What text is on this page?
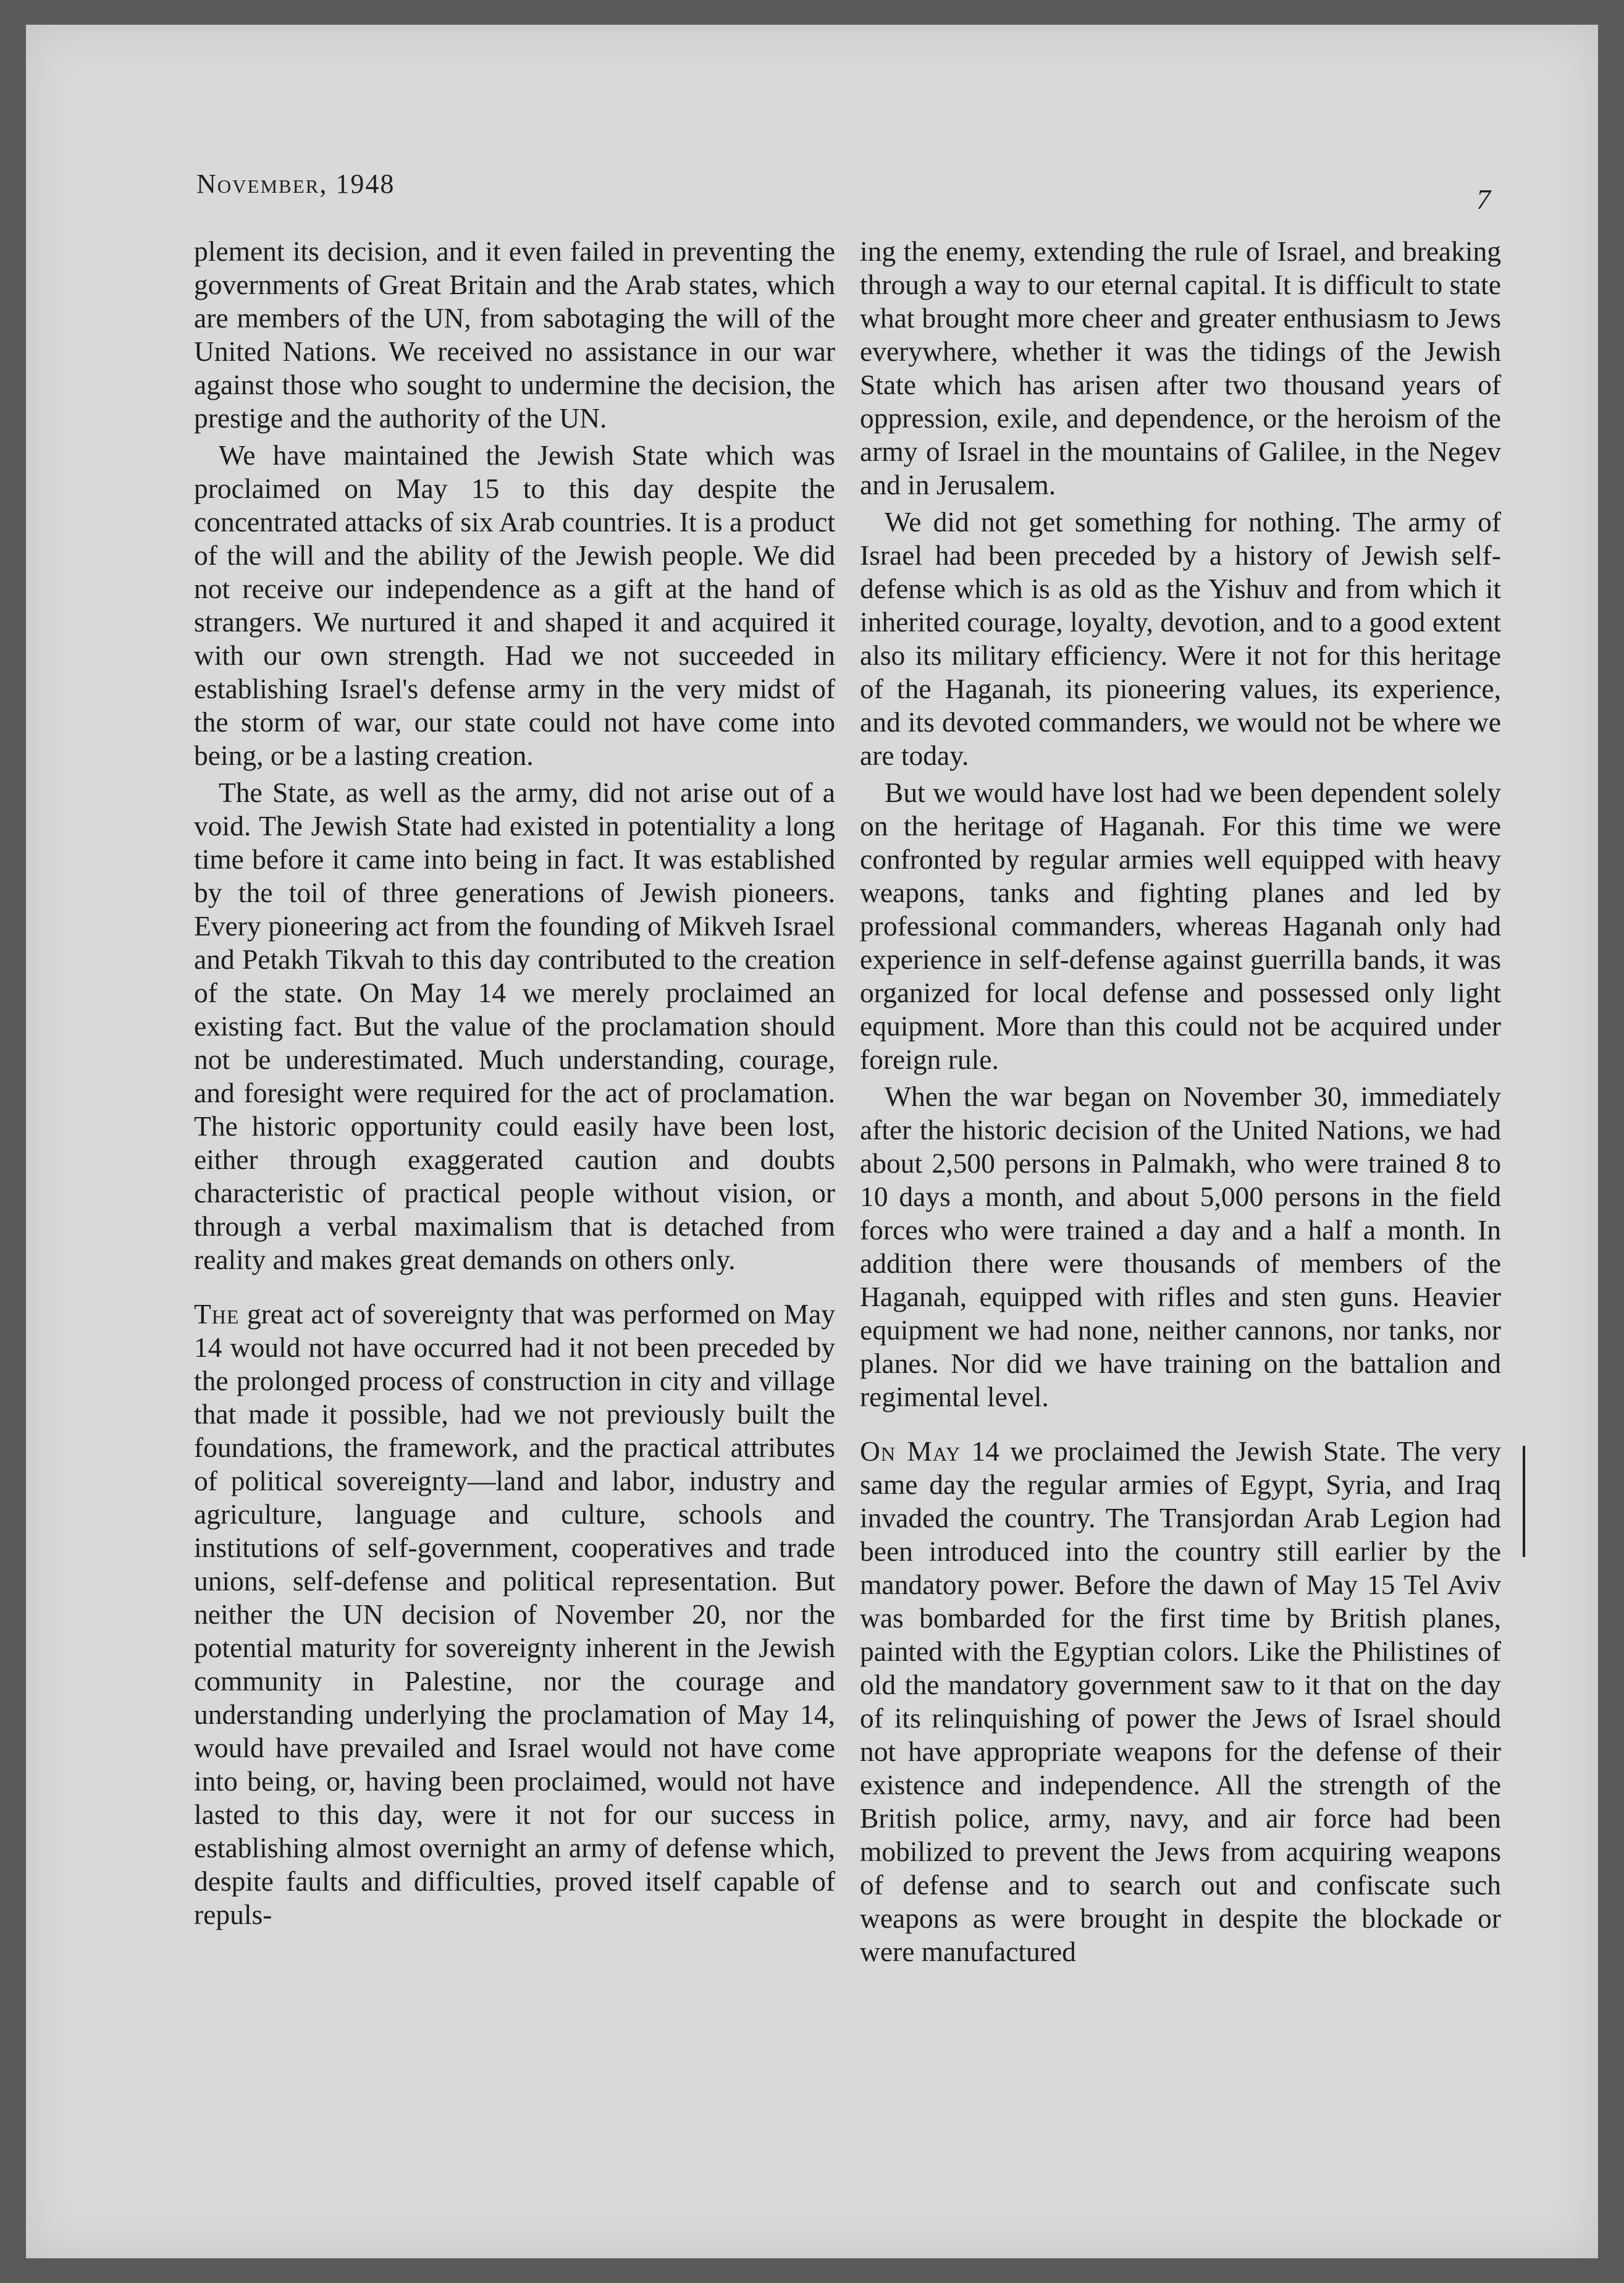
November, 1948	7

plement its decision, and it even failed in preventing the governments of Great Britain and the Arab states, which are members of the UN, from sabotaging the will of the United Nations. We received no assistance in our war against those who sought to undermine the decision, the prestige and the authority of the UN.

We have maintained the Jewish State which was proclaimed on May 15 to this day despite the concentrated attacks of six Arab countries. It is a product of the will and the ability of the Jewish people. We did not receive our independence as a gift at the hand of strangers. We nurtured it and shaped it and acquired it with our own strength. Had we not succeeded in establishing Israel's defense army in the very midst of the storm of war, our state could not have come into being, or be a lasting creation.

The State, as well as the army, did not arise out of a void. The Jewish State had existed in potentiality a long time before it came into being in fact. It was established by the toil of three generations of Jewish pioneers. Every pioneering act from the founding of Mikveh Israel and Petakh Tikvah to this day contributed to the creation of the state. On May 14 we merely proclaimed an existing fact. But the value of the proclamation should not be underestimated. Much understanding, courage, and foresight were required for the act of proclamation. The historic opportunity could easily have been lost, either through exaggerated caution and doubts characteristic of practical people without vision, or through a verbal maximalism that is detached from reality and makes great demands on others only.

The great act of sovereignty that was performed on May 14 would not have occurred had it not been preceded by the prolonged process of construction in city and village that made it possible, had we not previously built the foundations, the framework, and the practical attributes of political sovereignty—land and labor, industry and agriculture, language and culture, schools and institutions of self-government, cooperatives and trade unions, self-defense and political representation. But neither the UN decision of November 20, nor the potential maturity for sovereignty inherent in the Jewish community in Palestine, nor the courage and understanding underlying the proclamation of May 14, would have prevailed and Israel would not have come into being, or, having been proclaimed, would not have lasted to this day, were it not for our success in establishing almost overnight an army of defense which, despite faults and difficulties, proved itself capable of repuls-

ing the enemy, extending the rule of Israel, and breaking through a way to our eternal capital. It is difficult to state what brought more cheer and greater enthusiasm to Jews everywhere, whether it was the tidings of the Jewish State which has arisen after two thousand years of oppression, exile, and dependence, or the heroism of the army of Israel in the mountains of Galilee, in the Negev and in Jerusalem.

We did not get something for nothing. The army of Israel had been preceded by a history of Jewish self-defense which is as old as the Yishuv and from which it inherited courage, loyalty, devotion, and to a good extent also its military efficiency. Were it not for this heritage of the Haganah, its pioneering values, its experience, and its devoted commanders, we would not be where we are today.

But we would have lost had we been dependent solely on the heritage of Haganah. For this time we were confronted by regular armies well equipped with heavy weapons, tanks and fighting planes and led by professional commanders, whereas Haganah only had experience in self-defense against guerrilla bands, it was organized for local defense and possessed only light equipment. More than this could not be acquired under foreign rule.

When the war began on November 30, immediately after the historic decision of the United Nations, we had about 2,500 persons in Palmakh, who were trained 8 to 10 days a month, and about 5,000 persons in the field forces who were trained a day and a half a month. In addition there were thousands of members of the Haganah, equipped with rifles and sten guns. Heavier equipment we had none, neither cannons, nor tanks, nor planes. Nor did we have training on the battalion and regimental level.

On May 14 we proclaimed the Jewish State. The very same day the regular armies of Egypt, Syria, and Iraq invaded the country. The Transjordan Arab Legion had been introduced into the country still earlier by the mandatory power. Before the dawn of May 15 Tel Aviv was bombarded for the first time by British planes, painted with the Egyptian colors. Like the Philistines of old the mandatory government saw to it that on the day of its relinquishing of power the Jews of Israel should not have appropriate weapons for the defense of their existence and independence. All the strength of the British police, army, navy, and air force had been mobilized to prevent the Jews from acquiring weapons of defense and to search out and confiscate such weapons as were brought in despite the blockade or were manufactured
